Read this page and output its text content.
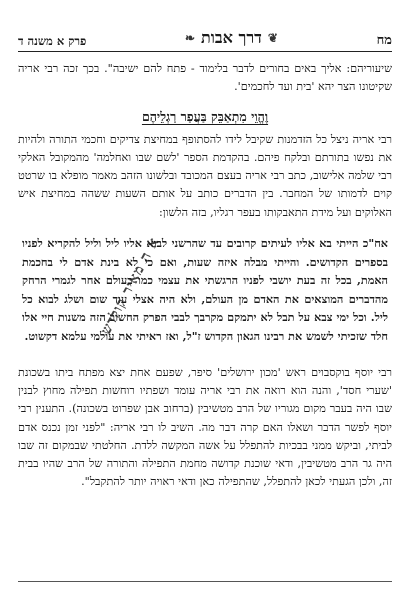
מח
❦
דרך אבות
❧
פרק א משנה ד

שיעוריהם: אליך באים בחורים לדבר בלימוד - פתח להם ישיבה". בכך זכה רבי אריה שקיטונו הצר יהא 'בית ועד לחכמים'.

וֶהֱוֵי מִתְאַבֵּק בַּעֲפַר רַגְלֵיהֶם

רבי אריה ניצל כל הזדמנות שקיבל לידו להסתופף במחיצת צדיקים וחכמי התורה ולהיות את נפשו בתורתם ובלקח פיהם. בהקדמת הספר 'לשם שבו ואחלמה' מהמקובל האלקי רבי שלמה אלישוב, כתב רבי אריה בעצם המכובד ובלשונו הזהב מאמר מופלא בו שרטט קוים לדמותו של המחבר. בין הדברים כותב על אותם השעות ששהה במחיצת איש האלוקים ועל מידת התאבקותו בעפר רגליו, בזה הלשון:

אח"כ הייתי בא אליו לעיתים קרובים עד שהרשני לבוא אליו ליל וליל להקריא לפניו בספרים הקדושים. והייתי מבלה איזה שעות, ואם כי לא בינת אדם לי בחכמת האמת, בכל זה בעת יושבי לפניו הרגשתי את עצמי כמו בעולם אחר לגמרי הרחק מהדברים המוצאים את האדם מן העולם, ולא היה אצלי עוד שום ושלג לבוא כל ליל. וכל ימי צבא על תבל לא יתמקם מקרבך לבבי הפרק החשוב הזה משנות חיי אלו חלד שזכיתי לשמש את רבינו הגאון הקדוש ז"ל, ואז ראיתי את עולמי עלמא דקשוט.

א ה מאיר קולדש

רבי יוסף בוקסבוים ראש 'מכון ירושלים' סיפר, שפעם אחת יצא מפתח ביתו בשכונת 'שערי חסד', והנה הוא רואה את רבי אריה עומד ושפתיו רוחשות תפילה מחוץ לבנין שבו היה בעבר מקום מגוריו של הרב מטשיבין (ברחוב אבן שפרוט בשכונה). התענין רבי יוסף לפשר הדבר ושאלו האם קרה דבר מה. השיב לו רבי אריה: "לפני זמן נכנס אדם לביתי, וביקש ממני בבכיות להתפלל על אשה המקשה ללדת. החלטתי שבמקום זה שבו היה גר הרב מטשיבין, ודאי שוכנת קדושה מחמת התפילה והתורה של הרב שהיו בבית זה, ולכן הגעתי לכאן להתפלל, שהתפילה כאן ודאי ראויה יותר להתקבל".
